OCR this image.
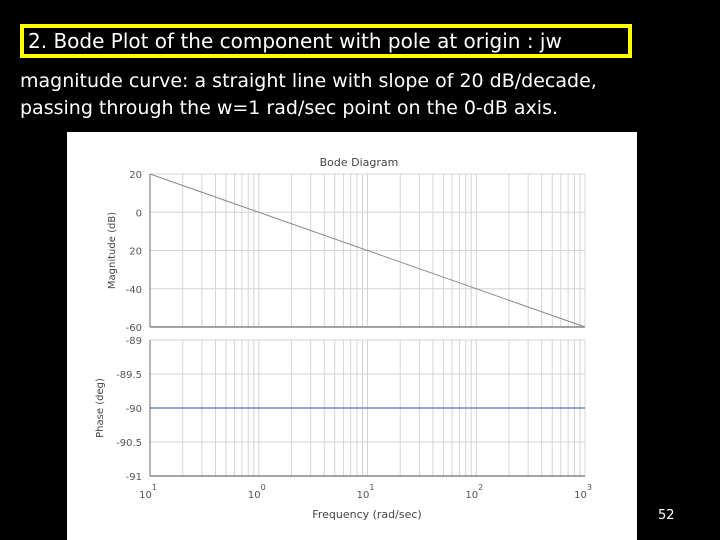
2. Bode Plot of the component with pole at origin : jw
magnitude curve: a straight line with slope of 20 dB/decade,
passing through the w=1 rad/sec point on the 0-dB axis.
20
0
20
-40
-60
-89
-89.5
-90
-90.5
-91
$10^1$
$10^0$
$10^1$
$10^2$
$10^3$
Bode Diagram
Frequency (rad/sec)
Magnitude (dB)
Phase (deg)
52
